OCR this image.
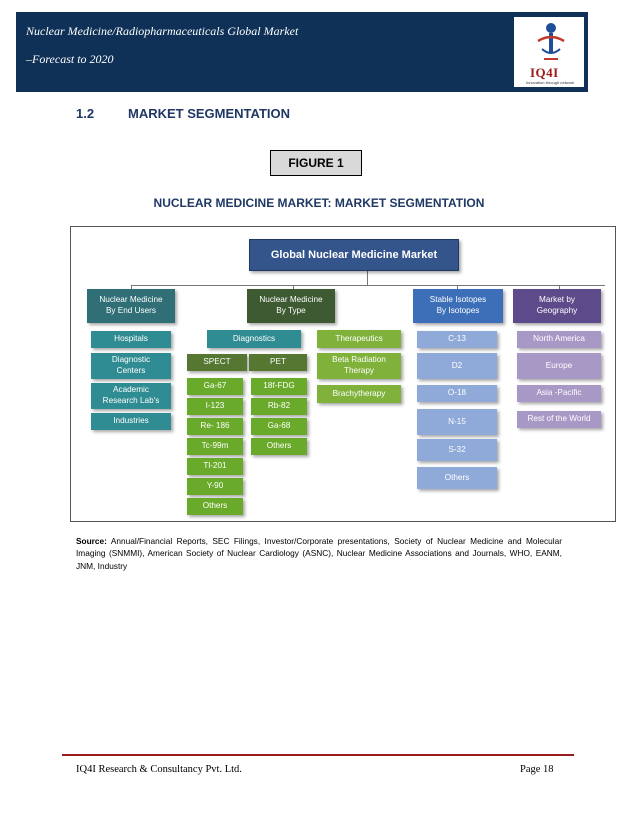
Nuclear Medicine/Radiopharmaceuticals Global Market
–Forecast to 2020
IQ4I
Innovation through network
1.2	MARKET SEGMENTATION
FIGURE 1
NUCLEAR MEDICINE MARKET: MARKET SEGMENTATION
Global Nuclear Medicine Market
Nuclear Medicine
By End Users
Nuclear Medicine
By Type
Stable Isotopes
By Isotopes
Market by
Geography
Hospitals
Diagnostic
Centers
Academic
Research Lab's
Industries
Diagnostics	Therapeutics
Beta Radiation
Therapy
Brachytherapy
SPECT	PET
Ga-67
I-123
Re- 186
Tc-99m
Tl-201
Y-90
Others
18f-FDG
Rb-82
Ga-68
Others
C-13
D2
O-18
N-15
S-32
Others
North America
Europe
Asia -Pacific
Rest of the World
Source: Annual/Financial Reports, SEC Filings, Investor/Corporate presentations, Society of Nuclear Medicine and Molecular Imaging (SNMMI), American Society of Nuclear Cardiology (ASNC), Nuclear Medicine Associations and Journals, WHO, EANM, JNM, Industry
IQ4I Research & Consultancy Pvt. Ltd.	Page 18
